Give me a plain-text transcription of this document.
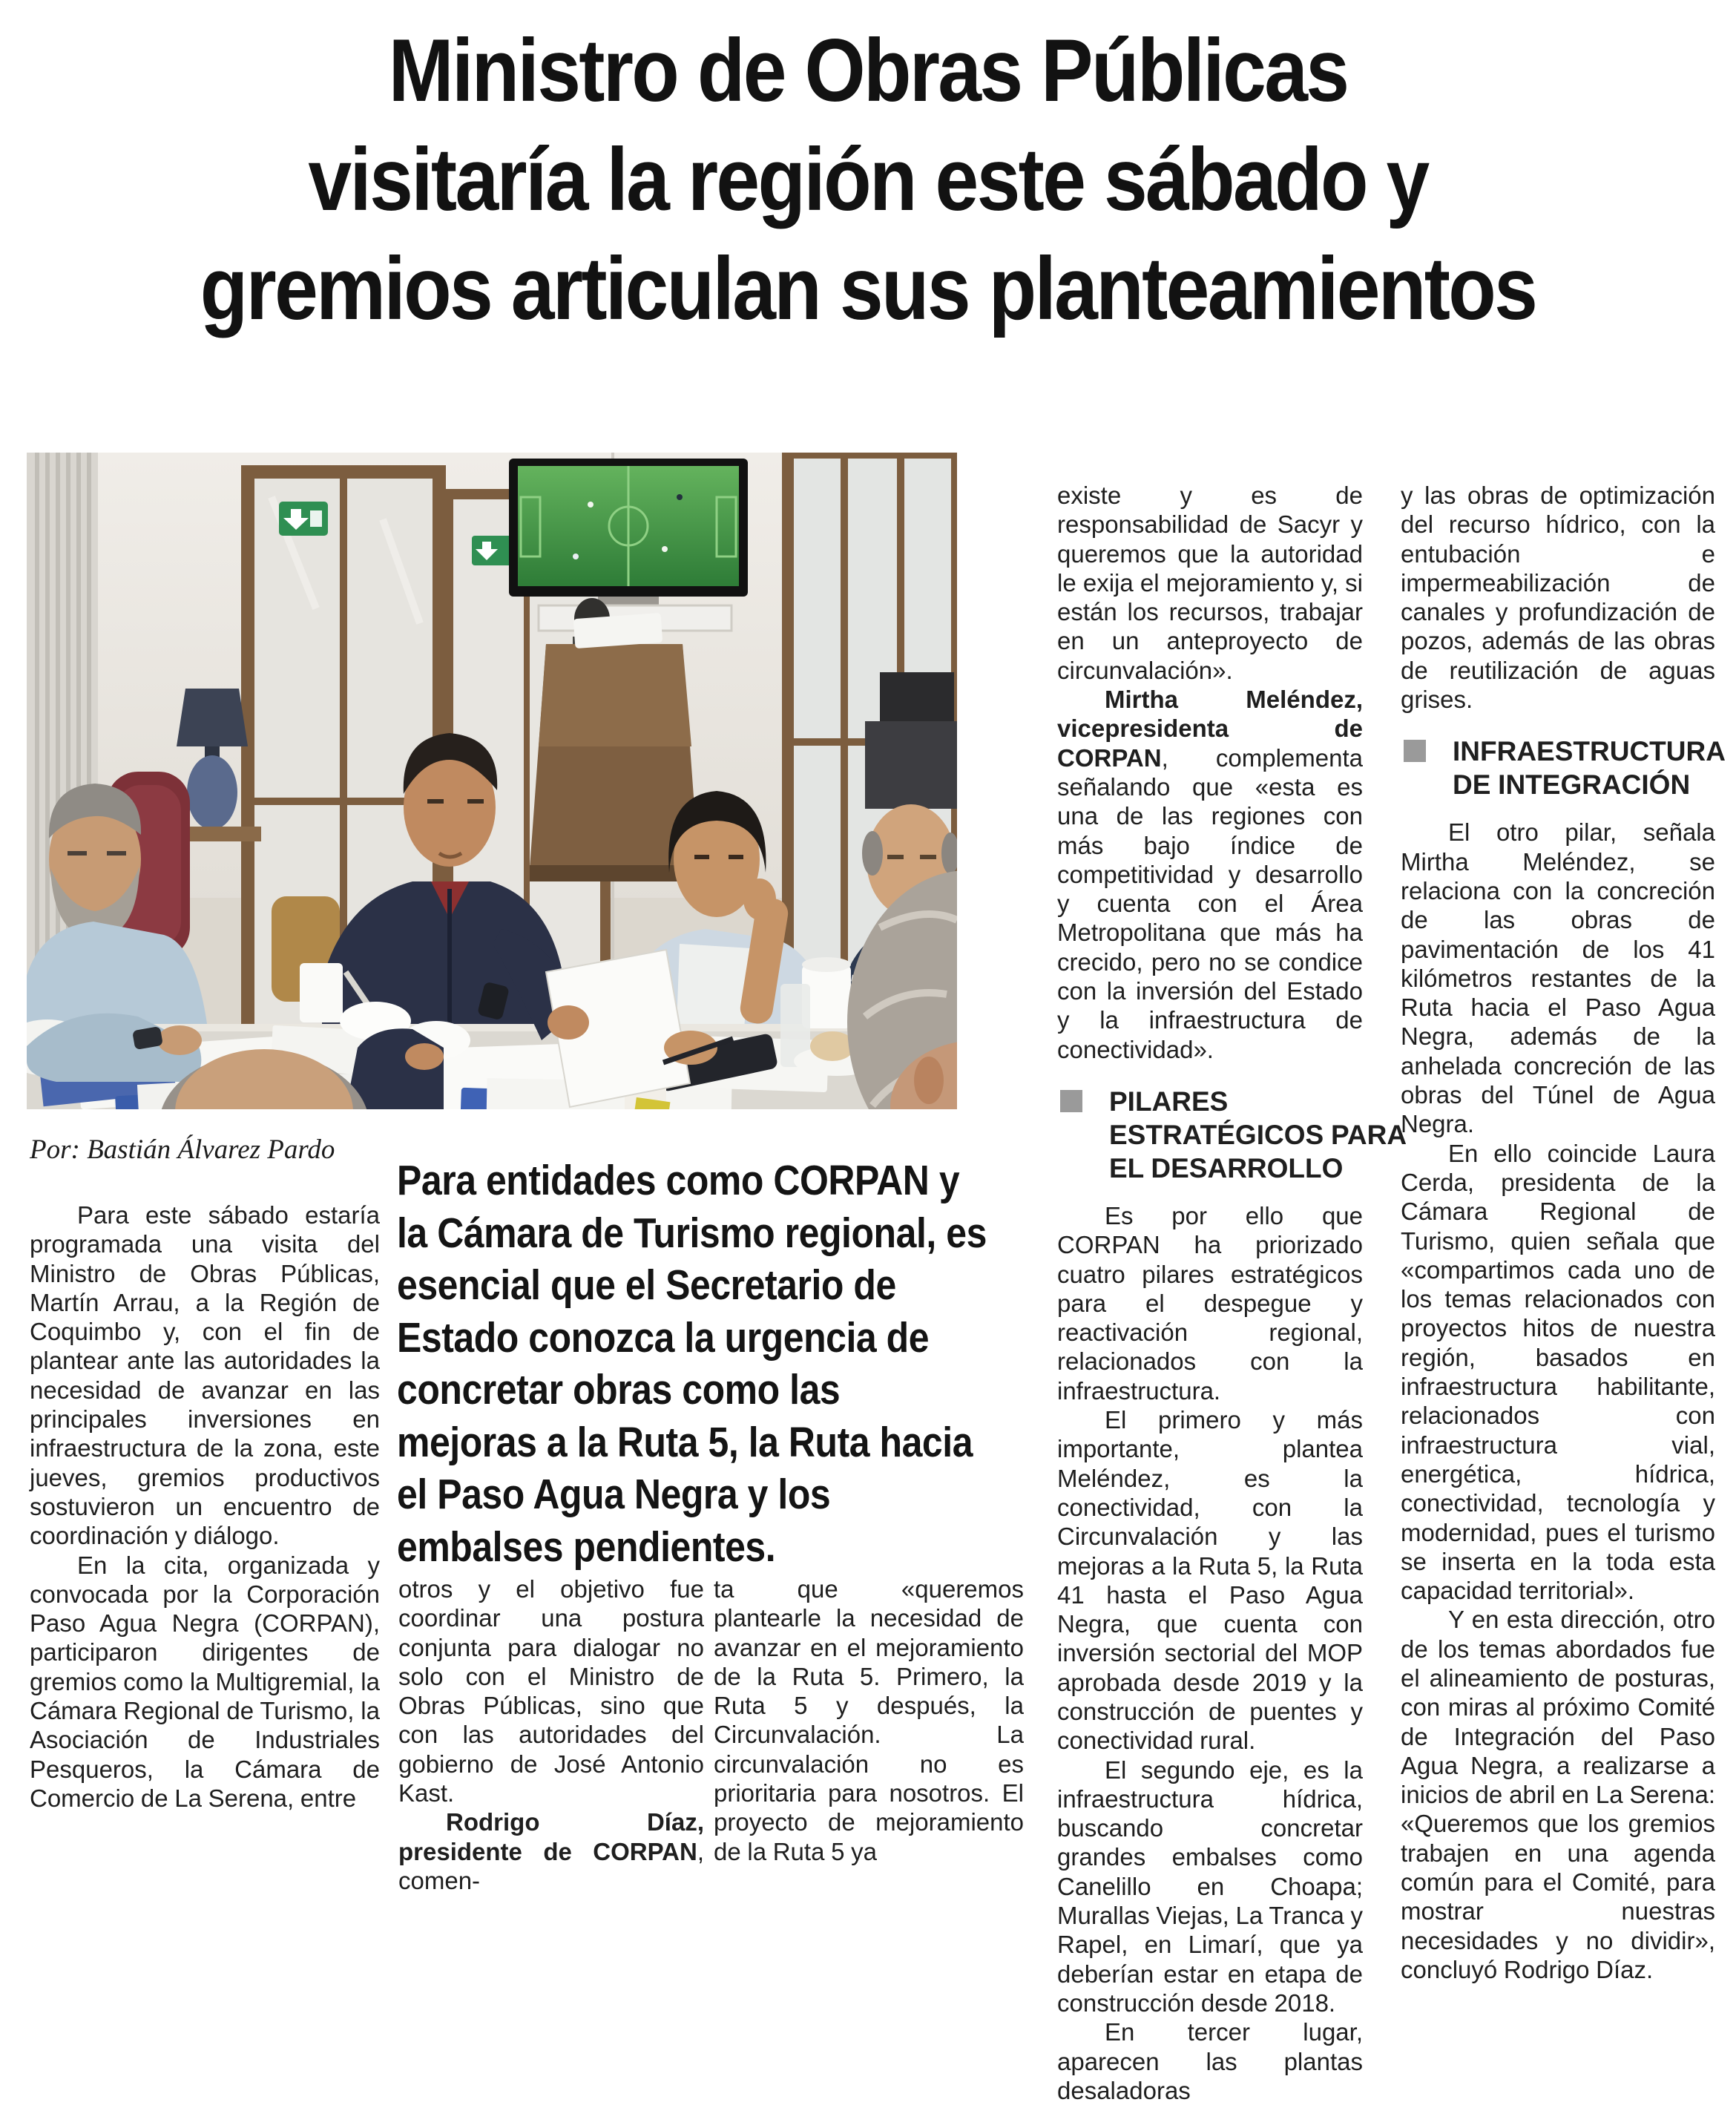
Ministro de Obras Públicas
visitaría la región este sábado y
gremios articulan sus planteamientos
Por: Bastián Álvarez Pardo
Para entidades como CORPAN y la Cámara de Turismo regional, es esencial que el Secretario de Estado conozca la urgencia de concretar obras como las mejoras a la Ruta 5, la Ruta hacia el Paso Agua Negra y los embalses pendientes.

Para este sábado estaría programada una visita del Ministro de Obras Públicas, Martín Arrau, a la Región de Coquimbo y, con el fin de plantear ante las autoridades la necesidad de avanzar en las principales inversiones en infraestructura de la zona, este jueves, gremios productivos sostuvieron un encuentro de coordinación y diálogo.

En la cita, organizada y convocada por la Corporación Paso Agua Negra (CORPAN), participaron dirigentes de gremios como la Multigremial, la Cámara Regional de Turismo, la Asociación de Industriales Pesqueros, la Cámara de Comercio de La Serena, entre

otros y el objetivo fue coordinar una postura conjunta para dialogar no solo con el Ministro de Obras Públicas, sino que con las autoridades del gobierno de José Antonio Kast.

Rodrigo Díaz, presidente de CORPAN, comen-

ta que «queremos plantearle la necesidad de avanzar en el mejoramiento de la Ruta 5. Primero, la Ruta 5 y después, la Circunvalación. La circunvalación no es prioritaria para nosotros. El proyecto de mejoramiento de la Ruta 5 ya

existe y es de responsabilidad de Sacyr y queremos que la autoridad le exija el mejoramiento y, si están los recursos, trabajar en un anteproyecto de circunvalación».

Mirtha Meléndez, vicepresidenta de CORPAN, complementa señalando que «esta es una de las regiones con más bajo índice de competitividad y desarrollo y cuenta con el Área Metropolitana que más ha crecido, pero no se condice con la inversión del Estado y la infraestructura de conectividad».

PILARES
ESTRATÉGICOS PARA
EL DESARROLLO

Es por ello que CORPAN ha priorizado cuatro pilares estratégicos para el despegue y reactivación regional, relacionados con la infraestructura.

El primero y más importante, plantea Meléndez, es la conectividad, con la Circunvalación y las mejoras a la Ruta 5, la Ruta 41 hasta el Paso Agua Negra, que cuenta con inversión sectorial del MOP aprobada desde 2019 y la construcción de puentes y conectividad rural.

El segundo eje, es la infraestructura hídrica, buscando concretar grandes embalses como Canelillo en Choapa; Murallas Viejas, La Tranca y Rapel, en Limarí, que ya deberían estar en etapa de construcción desde 2018.

En tercer lugar, aparecen las plantas desaladoras

y las obras de optimización del recurso hídrico, con la entubación e impermeabilización de canales y profundización de pozos, además de las obras de reutilización de aguas grises.

INFRAESTRUCTURA
DE INTEGRACIÓN

El otro pilar, señala Mirtha Meléndez, se relaciona con la concreción de las obras de pavimentación de los 41 kilómetros restantes de la Ruta hacia el Paso Agua Negra, además de la anhelada concreción de las obras del Túnel de Agua Negra.

En ello coincide Laura Cerda, presidenta de la Cámara Regional de Turismo, quien señala que «compartimos cada uno de los temas relacionados con proyectos hitos de nuestra región, basados en infraestructura habilitante, relacionados con infraestructura vial, energética, hídrica, conectividad, tecnología y modernidad, pues el turismo se inserta en la toda esta capacidad territorial».

Y en esta dirección, otro de los temas abordados fue el alineamiento de posturas, con miras al próximo Comité de Integración del Paso Agua Negra, a realizarse a inicios de abril en La Serena: «Queremos que los gremios trabajen en una agenda común para el Comité, para mostrar nuestras necesidades y no dividir», concluyó Rodrigo Díaz.
